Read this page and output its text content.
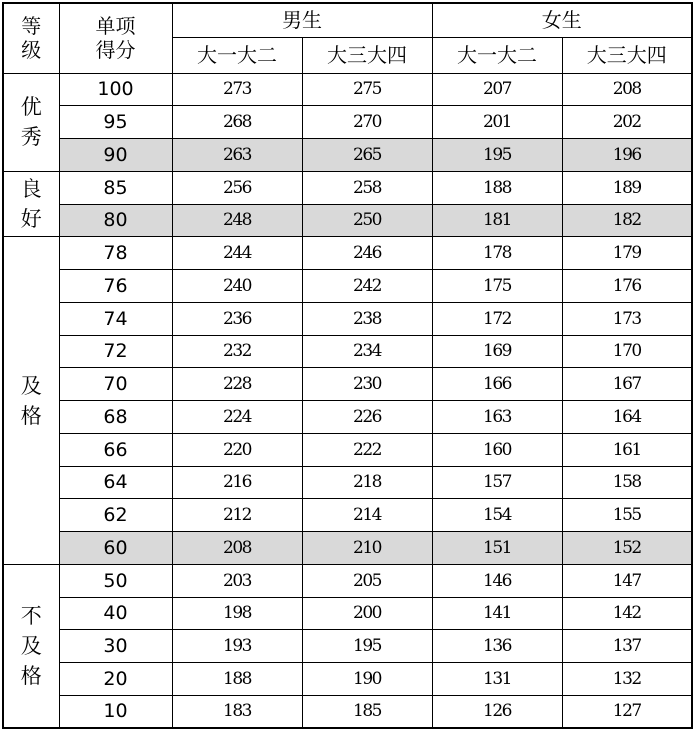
等级	单项得分	男生		女生	
		大一大二	大三大四	大一大二	大三大四
优秀	100	273	275	207	208
	95	268	270	201	202
	90	263	265	195	196
良好	85	256	258	188	189
	80	248	250	181	182
及格	78	244	246	178	179
	76	240	242	175	176
	74	236	238	172	173
	72	232	234	169	170
	70	228	230	166	167
	68	224	226	163	164
	66	220	222	160	161
	64	216	218	157	158
	62	212	214	154	155
	60	208	210	151	152
不及格	50	203	205	146	147
	40	198	200	141	142
	30	193	195	136	137
	20	188	190	131	132
	10	183	185	126	127
